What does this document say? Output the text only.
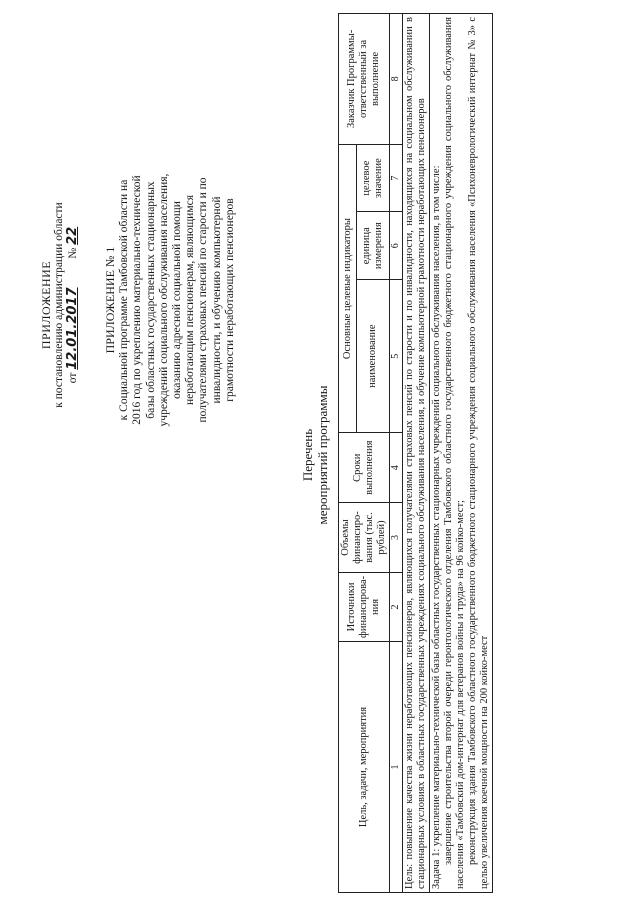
ПРИЛОЖЕНИЕ к постановлению администрации области от 12.01.2017          № 22
ПРИЛОЖЕНИЕ № 1 к Социальной программе Тамбовской области на 2016 год по укреплению материально-технической базы областных государственных стационарных учреждений социального обслуживания населения, оказанию адресной социальной помощи неработающим пенсионерам, являющимся получателями страховых пенсий по старости и по инвалидности, и обучению компьютерной грамотности неработающих пенсионеров
Перечень мероприятий программы
Цель, задачи, мероприятия	Источники финансирова-ния	Объемы финансиро-вания (тыс. рублей)	Сроки выполнения	Основные целевые индикаторы			Заказчик Программы-ответственный за выполнение
				наименование	единица измерения	целевое значение	
1	2	3	4	5	6	7	8
Цель: повышение качества жизни неработающих пенсионеров, являющихся получателями страховых пенсий по старости и по инвалидности, находящихся на социальном обслуживании в стационарных условиях в областных государственных учреждениях социального обслуживания населения, и обучение компьютерной грамотности неработающих пенсионеров							

Задача 1: укрепление материально-технической базы областных государственных стационарных учреждений социального обслуживания населения, в том числе: завершение строительства второй очереди геронтологического отделения Тамбовского областного государственного бюджетного стационарного учреждения социального обслуживания населения «Тамбовский дом-интернат для ветеранов войны и труда» на 96 койко-мест; реконструкция здания Тамбовского областного государственного бюджетного стационарного учреждения социального обслуживания населения «Психоневрологический интернат № 3» с целью увеличения коечной мощности на 200 койко-мест							
